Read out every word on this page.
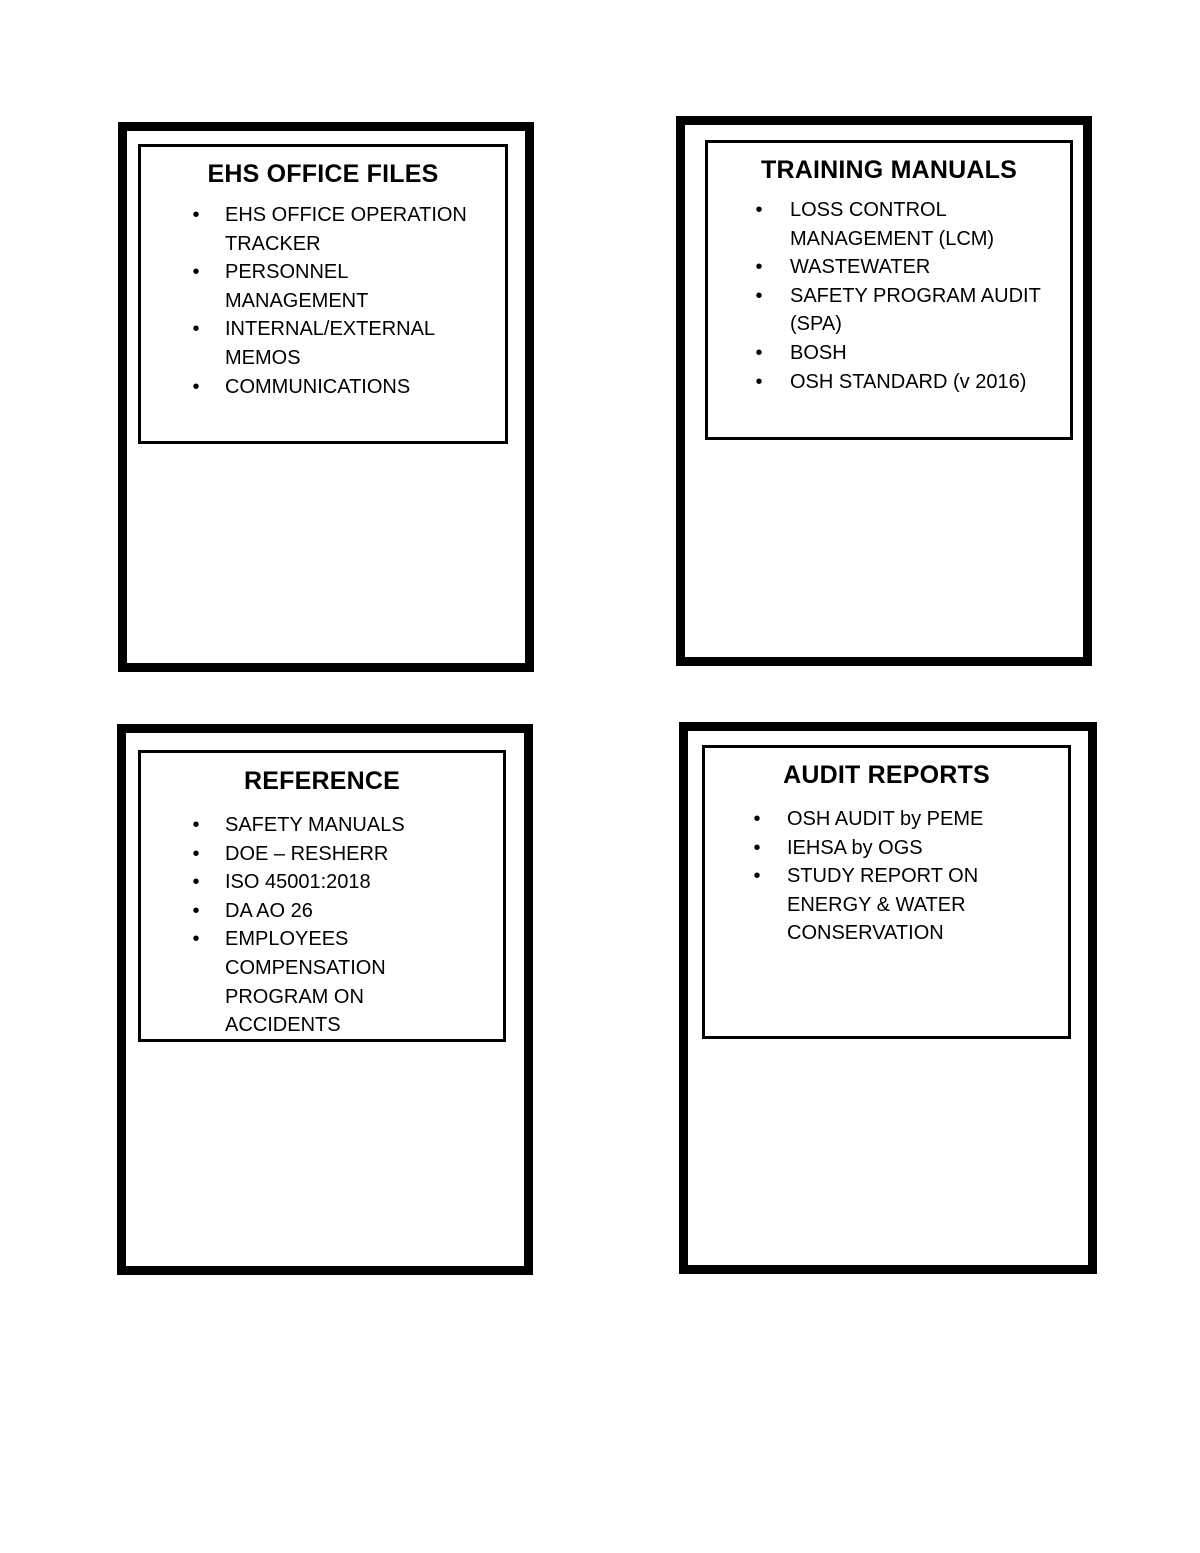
EHS OFFICE FILES
• EHS OFFICE OPERATION TRACKER
• PERSONNEL MANAGEMENT
• INTERNAL/EXTERNAL MEMOS
• COMMUNICATIONS
TRAINING MANUALS
• LOSS CONTROL MANAGEMENT (LCM)
• WASTEWATER
• SAFETY PROGRAM AUDIT (SPA)
• BOSH
• OSH STANDARD (v 2016)
REFERENCE
• SAFETY MANUALS
• DOE – RESHERR
• ISO 45001:2018
• DA AO 26
• EMPLOYEES COMPENSATION PROGRAM ON ACCIDENTS
AUDIT REPORTS
• OSH AUDIT by PEME
• IEHSA by OGS
• STUDY REPORT ON ENERGY & WATER CONSERVATION
